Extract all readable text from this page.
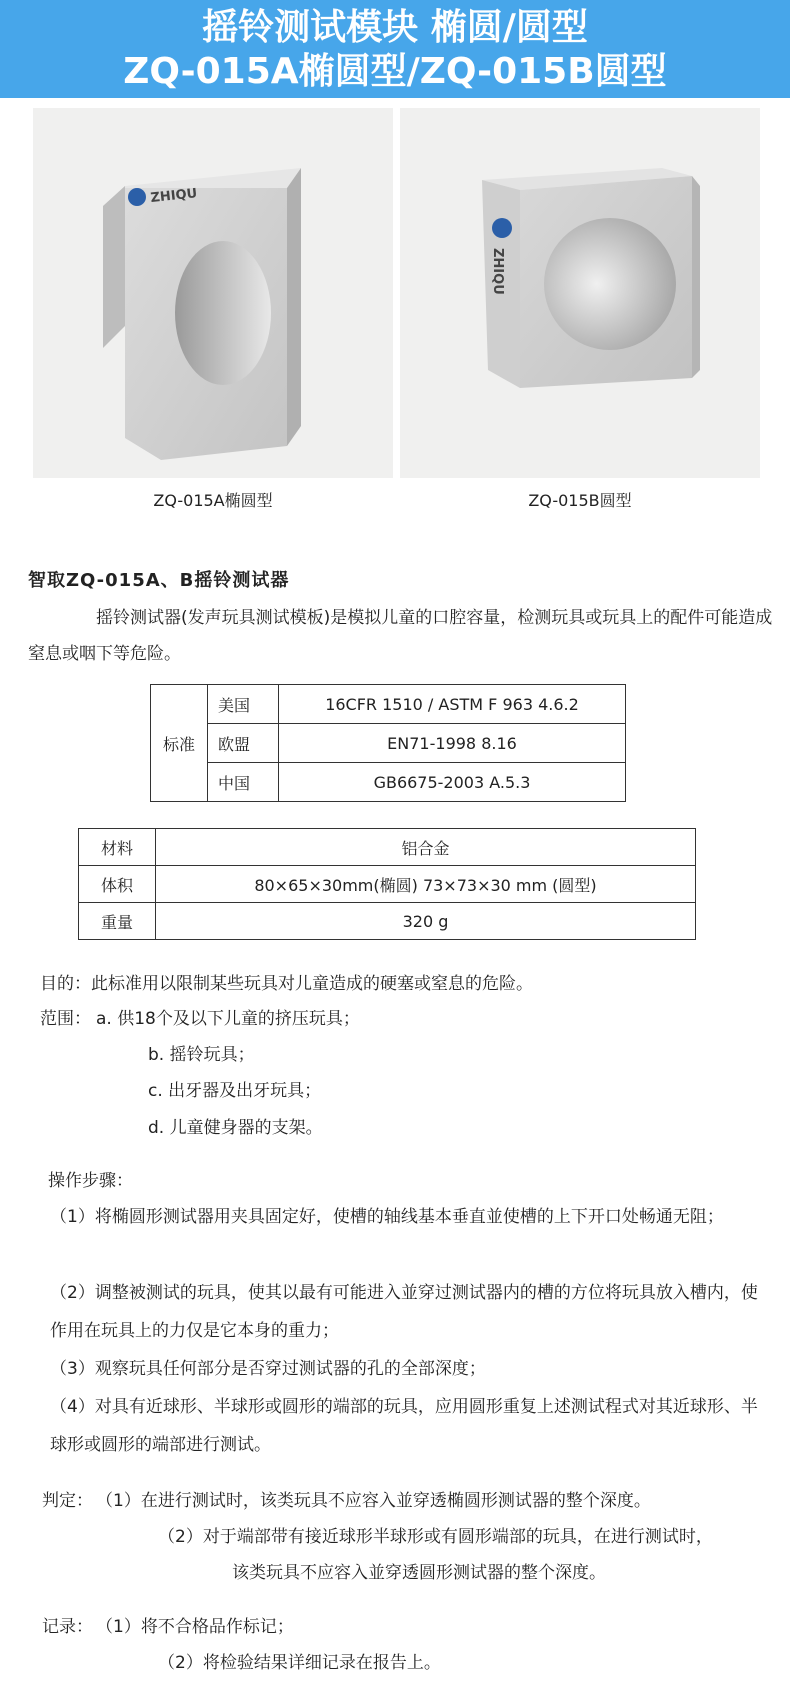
摇铃测试模块 椭圆/圆型
ZQ-015A椭圆型/ZQ-015B圆型
ZHIQU
ZQ-015A椭圆型
ZHIQU
ZQ-015B圆型
智取ZQ-015A、B摇铃测试器
摇铃测试器(发声玩具测试模板)是模拟儿童的口腔容量，检测玩具或玩具上的配件可能造成窒息或咽下等危险。
标准	美国	16CFR 1510 / ASTM F 963 4.6.2
	欧盟	EN71-1998 8.16
	中国	GB6675-2003 A.5.3
材料	铝合金
体积	80×65×30mm(椭圆) 73×73×30 mm (圆型)
重量	320 g
目的：此标准用以限制某些玩具对儿童造成的硬塞或窒息的危险。
范围： a. 供18个及以下儿童的挤压玩具；
b. 摇铃玩具；
c. 出牙器及出牙玩具；
d. 儿童健身器的支架。
操作步骤：
（1）将椭圆形测试器用夹具固定好，使槽的轴线基本垂直並使槽的上下开口处畅通无阻；
（2）调整被测试的玩具，使其以最有可能进入並穿过测试器内的槽的方位将玩具放入槽内，使作用在玩具上的力仅是它本身的重力；
（3）观察玩具任何部分是否穿过测试器的孔的全部深度；
（4）对具有近球形、半球形或圆形的端部的玩具，应用圆形重复上述测试程式对其近球形、半球形或圆形的端部进行测试。
判定： （1）在进行测试时，该类玩具不应容入並穿透椭圆形测试器的整个深度。
（2）对于端部带有接近球形半球形或有圆形端部的玩具，在进行测试时，
该类玩具不应容入並穿透圆形测试器的整个深度。
记录： （1）将不合格品作标记；
（2）将检验结果详细记录在报告上。
